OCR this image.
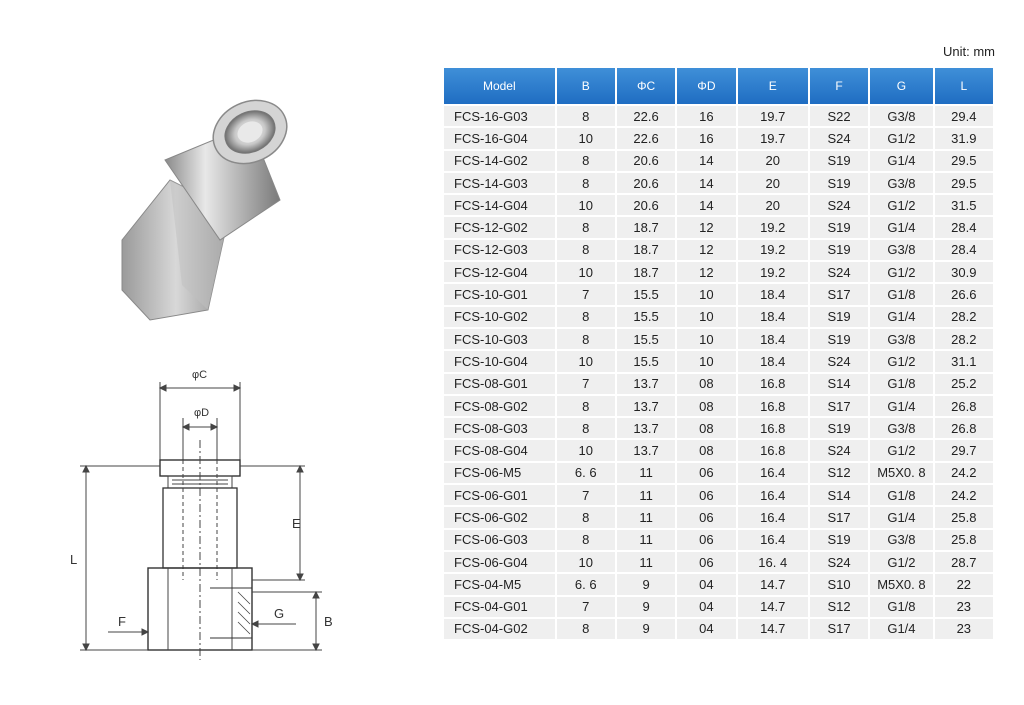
φC
φD
E
L
F
G
B
Unit: mm
Model	B	ΦC	ΦD	E	F	G	L
FCS-16-G03	8	22.6	16	19.7	S22	G3/8	29.4
FCS-16-G04	10	22.6	16	19.7	S24	G1/2	31.9
FCS-14-G02	8	20.6	14	20	S19	G1/4	29.5
FCS-14-G03	8	20.6	14	20	S19	G3/8	29.5
FCS-14-G04	10	20.6	14	20	S24	G1/2	31.5
FCS-12-G02	8	18.7	12	19.2	S19	G1/4	28.4
FCS-12-G03	8	18.7	12	19.2	S19	G3/8	28.4
FCS-12-G04	10	18.7	12	19.2	S24	G1/2	30.9
FCS-10-G01	7	15.5	10	18.4	S17	G1/8	26.6
FCS-10-G02	8	15.5	10	18.4	S19	G1/4	28.2
FCS-10-G03	8	15.5	10	18.4	S19	G3/8	28.2
FCS-10-G04	10	15.5	10	18.4	S24	G1/2	31.1
FCS-08-G01	7	13.7	08	16.8	S14	G1/8	25.2
FCS-08-G02	8	13.7	08	16.8	S17	G1/4	26.8
FCS-08-G03	8	13.7	08	16.8	S19	G3/8	26.8
FCS-08-G04	10	13.7	08	16.8	S24	G1/2	29.7
FCS-06-M5	6. 6	11	06	16.4	S12	M5X0. 8	24.2
FCS-06-G01	7	11	06	16.4	S14	G1/8	24.2
FCS-06-G02	8	11	06	16.4	S17	G1/4	25.8
FCS-06-G03	8	11	06	16.4	S19	G3/8	25.8
FCS-06-G04	10	11	06	16. 4	S24	G1/2	28.7
FCS-04-M5	6. 6	9	04	14.7	S10	M5X0. 8	22
FCS-04-G01	7	9	04	14.7	S12	G1/8	23
FCS-04-G02	8	9	04	14.7	S17	G1/4	23
